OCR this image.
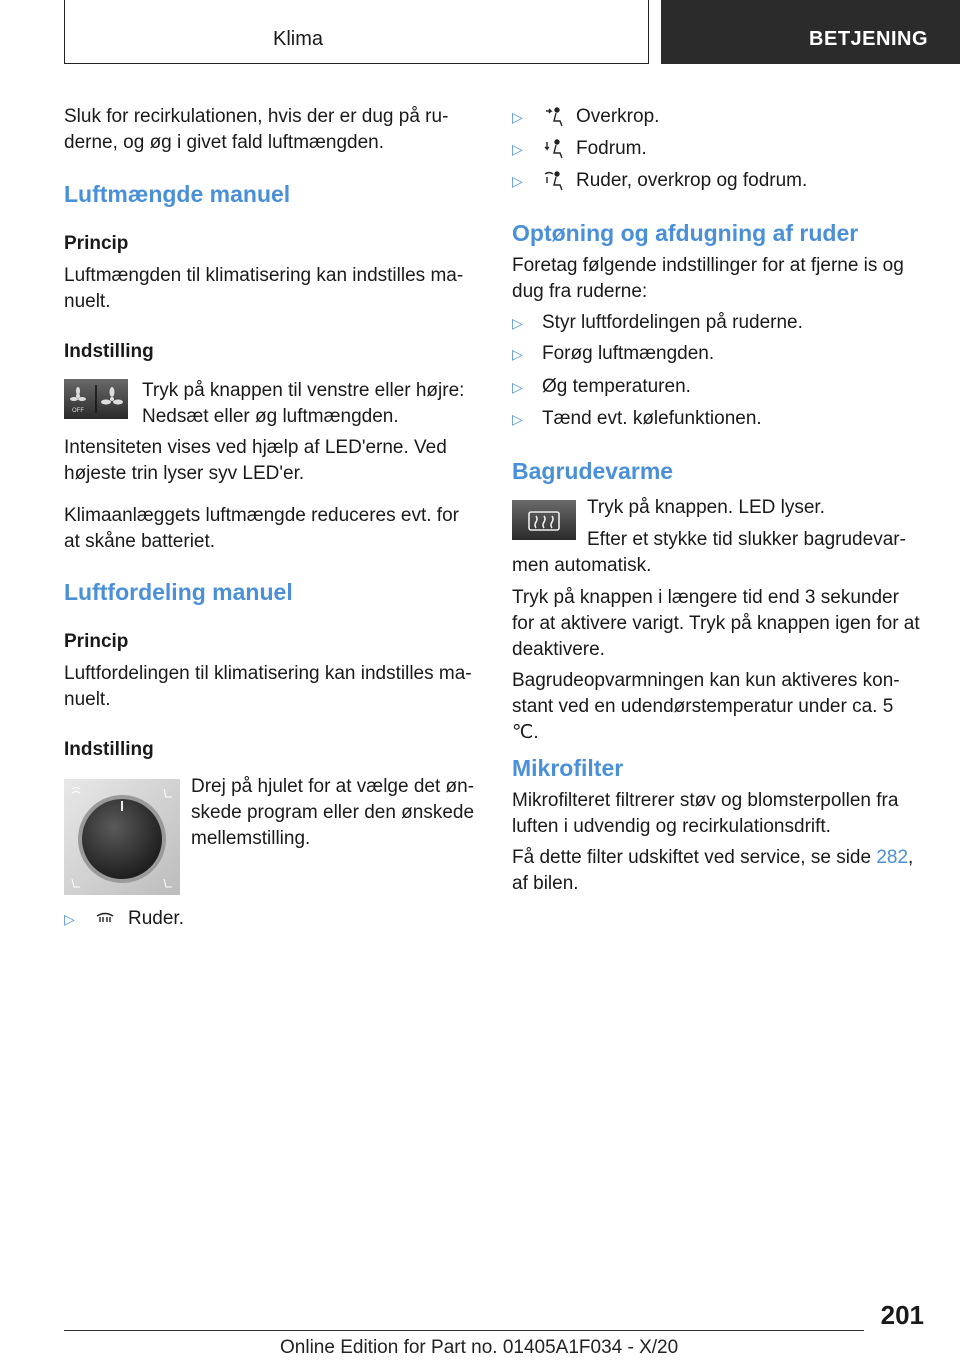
Klima	BETJENING

Sluk for recirkulationen, hvis der er dug på ru-

derne, og øg i givet fald luftmængden.

Luftmængde manuel
Princip

Luftmængden til klimatisering kan indstilles ma-

nuelt.

Indstilling
OFF

Tryk på knappen til venstre eller højre:

Nedsæt eller øg luftmængden.

Intensiteten vises ved hjælp af LED'erne. Ved

højeste trin lyser syv LED'er.

Klimaanlæggets luftmængde reduceres evt. for

at skåne batteriet.

Luftfordeling manuel
Princip

Luftfordelingen til klimatisering kan indstilles ma-

nuelt.

Indstilling

Drej på hjulet for at vælge det øn-

skede program eller den ønskede

mellemstilling.

▷	Ruder.
▷	Overkrop.
▷	Fodrum.
▷	Ruder, overkrop og fodrum.
Optøning og afdugning af ruder

Foretag følgende indstillinger for at fjerne is og

dug fra ruderne:

▷	Styr luftfordelingen på ruderne.
▷	Forøg luftmængden.
▷	Øg temperaturen.
▷	Tænd evt. kølefunktionen.
Bagrudevarme

Tryk på knappen. LED lyser.

Efter et stykke tid slukker bagrudevar-

men automatisk.

Tryk på knappen i længere tid end 3 sekunder

for at aktivere varigt. Tryk på knappen igen for at

deaktivere.

Bagrudeopvarmningen kan kun aktiveres kon-

stant ved en udendørstemperatur under ca. 5 ℃.

Mikrofilter

Mikrofilteret filtrerer støv og blomsterpollen fra

luften i udvendig og recirkulationsdrift.

Få dette filter udskiftet ved service, se side 282,

af bilen.

201
Online Edition for Part no. 01405A1F034 - X/20
